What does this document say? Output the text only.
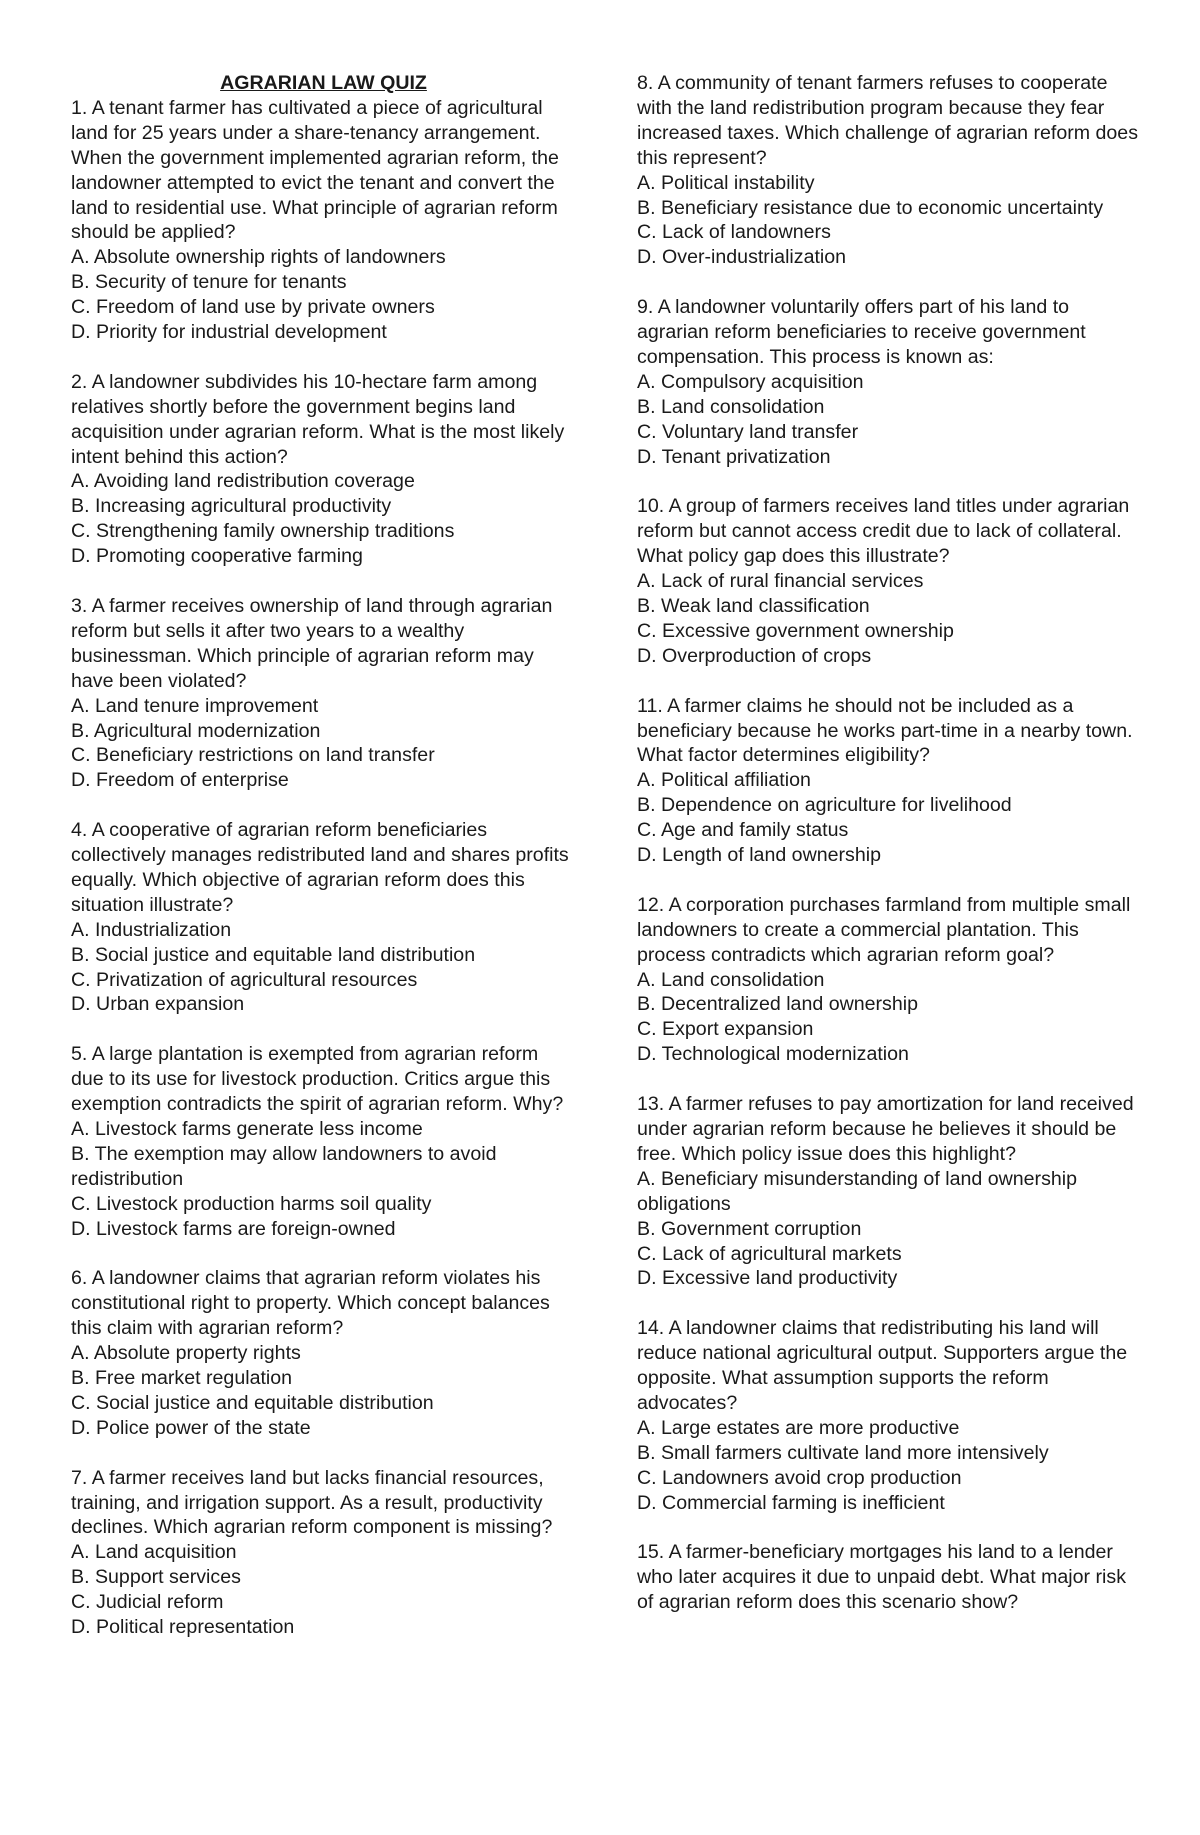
AGRARIAN LAW QUIZ

1. A tenant farmer has cultivated a piece of agricultural land for 25 years under a share-tenancy arrangement. When the government implemented agrarian reform, the landowner attempted to evict the tenant and convert the land to residential use. What principle of agrarian reform should be applied?

A. Absolute ownership rights of landowners
B. Security of tenure for tenants
C. Freedom of land use by private owners
D. Priority for industrial development

2. A landowner subdivides his 10-hectare farm among relatives shortly before the government begins land acquisition under agrarian reform. What is the most likely intent behind this action?

A. Avoiding land redistribution coverage
B. Increasing agricultural productivity
C. Strengthening family ownership traditions
D. Promoting cooperative farming

3. A farmer receives ownership of land through agrarian reform but sells it after two years to a wealthy businessman. Which principle of agrarian reform may have been violated?

A. Land tenure improvement
B. Agricultural modernization
C. Beneficiary restrictions on land transfer
D. Freedom of enterprise

4. A cooperative of agrarian reform beneficiaries collectively manages redistributed land and shares profits equally. Which objective of agrarian reform does this situation illustrate?

A. Industrialization
B. Social justice and equitable land distribution
C. Privatization of agricultural resources
D. Urban expansion

5. A large plantation is exempted from agrarian reform due to its use for livestock production. Critics argue this exemption contradicts the spirit of agrarian reform. Why?

A. Livestock farms generate less income
B. The exemption may allow landowners to avoid redistribution
C. Livestock production harms soil quality
D. Livestock farms are foreign-owned

6. A landowner claims that agrarian reform violates his constitutional right to property. Which concept balances this claim with agrarian reform?

A. Absolute property rights
B. Free market regulation
C. Social justice and equitable distribution
D. Police power of the state

7. A farmer receives land but lacks financial resources, training, and irrigation support. As a result, productivity declines. Which agrarian reform component is missing?

A. Land acquisition
B. Support services
C. Judicial reform
D. Political representation

8. A community of tenant farmers refuses to cooperate with the land redistribution program because they fear increased taxes. Which challenge of agrarian reform does this represent?

A. Political instability
B. Beneficiary resistance due to economic uncertainty
C. Lack of landowners
D. Over-industrialization

9. A landowner voluntarily offers part of his land to agrarian reform beneficiaries to receive government compensation. This process is known as:

A. Compulsory acquisition
B. Land consolidation
C. Voluntary land transfer
D. Tenant privatization

10. A group of farmers receives land titles under agrarian reform but cannot access credit due to lack of collateral. What policy gap does this illustrate?

A. Lack of rural financial services
B. Weak land classification
C. Excessive government ownership
D. Overproduction of crops

11. A farmer claims he should not be included as a beneficiary because he works part-time in a nearby town. What factor determines eligibility?

A. Political affiliation
B. Dependence on agriculture for livelihood
C. Age and family status
D. Length of land ownership

12. A corporation purchases farmland from multiple small landowners to create a commercial plantation. This process contradicts which agrarian reform goal?

A. Land consolidation
B. Decentralized land ownership
C. Export expansion
D. Technological modernization

13. A farmer refuses to pay amortization for land received under agrarian reform because he believes it should be free. Which policy issue does this highlight?

A. Beneficiary misunderstanding of land ownership obligations
B. Government corruption
C. Lack of agricultural markets
D. Excessive land productivity

14. A landowner claims that redistributing his land will reduce national agricultural output. Supporters argue the opposite. What assumption supports the reform advocates?

A. Large estates are more productive
B. Small farmers cultivate land more intensively
C. Landowners avoid crop production
D. Commercial farming is inefficient

15. A farmer-beneficiary mortgages his land to a lender who later acquires it due to unpaid debt. What major risk of agrarian reform does this scenario show?
